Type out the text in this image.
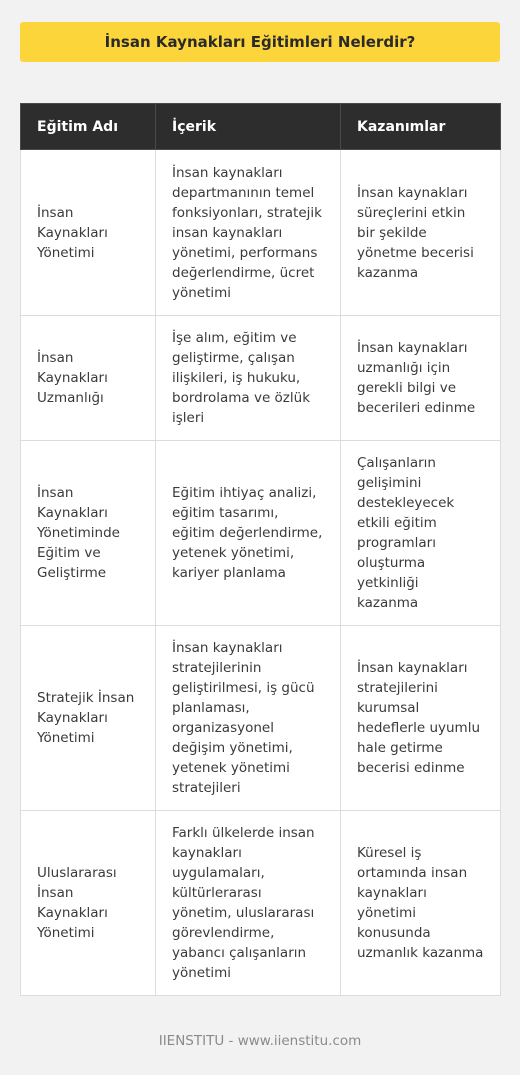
İnsan Kaynakları Eğitimleri Nelerdir?
Eğitim Adı	İçerik	Kazanımlar
İnsan Kaynakları Yönetimi	İnsan kaynakları departmanının temel fonksiyonları, stratejik insan kaynakları yönetimi, performans değerlendirme, ücret yönetimi	İnsan kaynakları süreçlerini etkin bir şekilde yönetme becerisi kazanma
İnsan Kaynakları Uzmanlığı	İşe alım, eğitim ve geliştirme, çalışan ilişkileri, iş hukuku, bordrolama ve özlük işleri	İnsan kaynakları uzmanlığı için gerekli bilgi ve becerileri edinme
İnsan Kaynakları Yönetiminde Eğitim ve Geliştirme	Eğitim ihtiyaç analizi, eğitim tasarımı, eğitim değerlendirme, yetenek yönetimi, kariyer planlama	Çalışanların gelişimini destekleyecek etkili eğitim programları oluşturma yetkinliği kazanma
Stratejik İnsan Kaynakları Yönetimi	İnsan kaynakları stratejilerinin geliştirilmesi, iş gücü planlaması, organizasyonel değişim yönetimi, yetenek yönetimi stratejileri	İnsan kaynakları stratejilerini kurumsal hedeflerle uyumlu hale getirme becerisi edinme
Uluslararası İnsan Kaynakları Yönetimi	Farklı ülkelerde insan kaynakları uygulamaları, kültürlerarası yönetim, uluslararası görevlendirme, yabancı çalışanların yönetimi	Küresel iş ortamında insan kaynakları yönetimi konusunda uzmanlık kazanma
IIENSTITU - www.iienstitu.com
